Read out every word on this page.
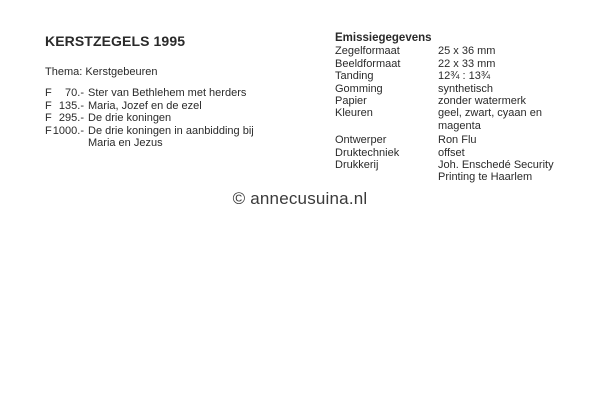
KERSTZEGELS 1995
Thema: Kerstgebeuren
F 70.- Ster van Bethlehem met herders
F 135.- Maria, Jozef en de ezel
F 295.- De drie koningen
F 1000.- De drie koningen in aanbidding bij
Maria en Jezus
Emissiegegevens
Zegelformaat	25 x 36 mm
Beeldformaat	22 x 33 mm
Tanding	12¾ : 13¾
Gomming	synthetisch
Papier	zonder watermerk
Kleuren	geel, zwart, cyaan en
magenta
Ontwerper	Ron Flu
Druktechniek	offset
Drukkerij	Joh. Enschedé Security
Printing te Haarlem
© annecusuina.nl
